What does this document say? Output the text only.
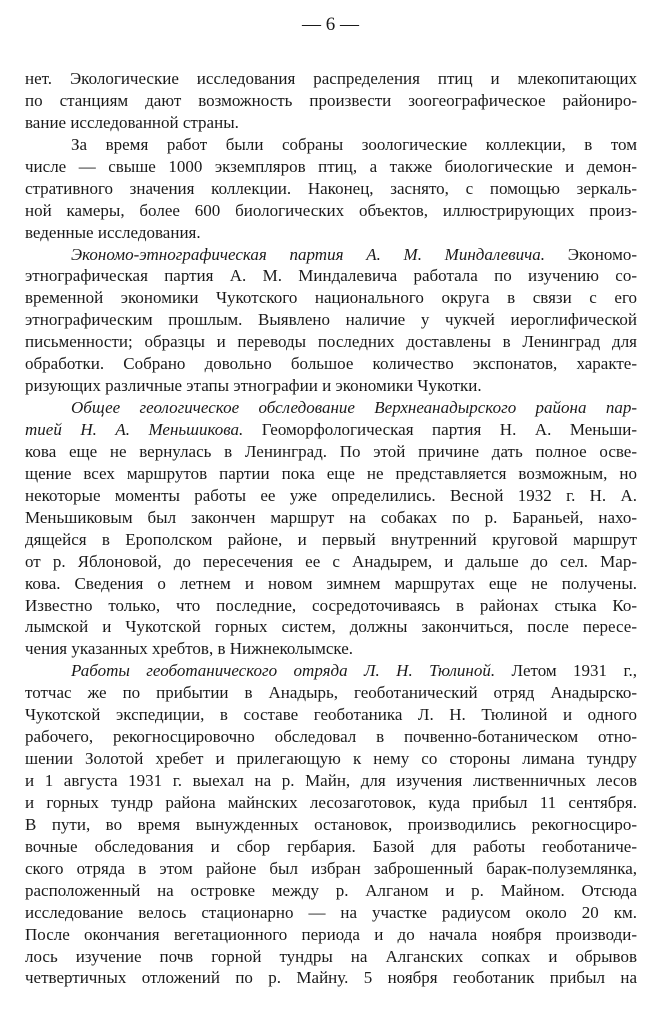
— 6 —
нет. Экологические исследования распределения птиц и млекопитающих
по станциям дают возможность произвести зоогеографическое райониро-
вание исследованной страны.
За время работ были собраны зоологические коллекции, в том
числе — свыше 1000 экземпляров птиц, а также биологические и демон-
стративного значения коллекции. Наконец, заснято, с помощью зеркаль-
ной камеры, более 600 биологических объектов, иллюстрирующих произ-
веденные исследования.
Экономо-этнографическая партия А. М. Миндалевича. Экономо-
этнографическая партия А. М. Миндалевича работала по изучению со-
временной экономики Чукотского национального округа в связи с его
этнографическим прошлым. Выявлено наличие у чукчей иероглифической
письменности; образцы и переводы последних доставлены в Ленинград для
обработки. Собрано довольно большое количество экспонатов, характе-
ризующих различные этапы этнографии и экономики Чукотки.
Общее геологическое обследование Верхнеанадырского района пар-
тией Н. А. Меньшикова. Геоморфологическая партия Н. А. Меньши-
кова еще не вернулась в Ленинград. По этой причине дать полное осве-
щение всех маршрутов партии пока еще не представляется возможным, но
некоторые моменты работы ее уже определились. Весной 1932 г. Н. А.
Меньшиковым был закончен маршрут на собаках по р. Бараньей, нахо-
дящейся в Ерополском районе, и первый внутренний круговой маршрут
от р. Яблоновой, до пересечения ее с Анадырем, и дальше до сел. Мар-
кова. Сведения о летнем и новом зимнем маршрутах еще не получены.
Известно только, что последние, сосредоточиваясь в районах стыка Ко-
лымской и Чукотской горных систем, должны закончиться, после пересе-
чения указанных хребтов, в Нижнеколымске.
Работы геоботанического отряда Л. Н. Тюлиной. Летом 1931 г.,
тотчас же по прибытии в Анадырь, геоботанический отряд Анадырско-
Чукотской экспедиции, в составе геоботаника Л. Н. Тюлиной и одного
рабочего, рекогносцировочно обследовал в почвенно-ботаническом отно-
шении Золотой хребет и прилегающую к нему со стороны лимана тундру
и 1 августа 1931 г. выехал на р. Майн, для изучения лиственничных лесов
и горных тундр района майнских лесозаготовок, куда прибыл 11 сентября.
В пути, во время вынужденных остановок, производились рекогносциро-
вочные обследования и сбор гербария. Базой для работы геоботаниче-
ского отряда в этом районе был избран заброшенный барак-полуземлянка,
расположенный на островке между р. Алганом и р. Майном. Отсюда
исследование велось стационарно — на участке радиусом около 20 км.
После окончания вегетационного периода и до начала ноября производи-
лось изучение почв горной тундры на Алганских сопках и обрывов
четвертичных отложений по р. Майну. 5 ноября геоботаник прибыл на
